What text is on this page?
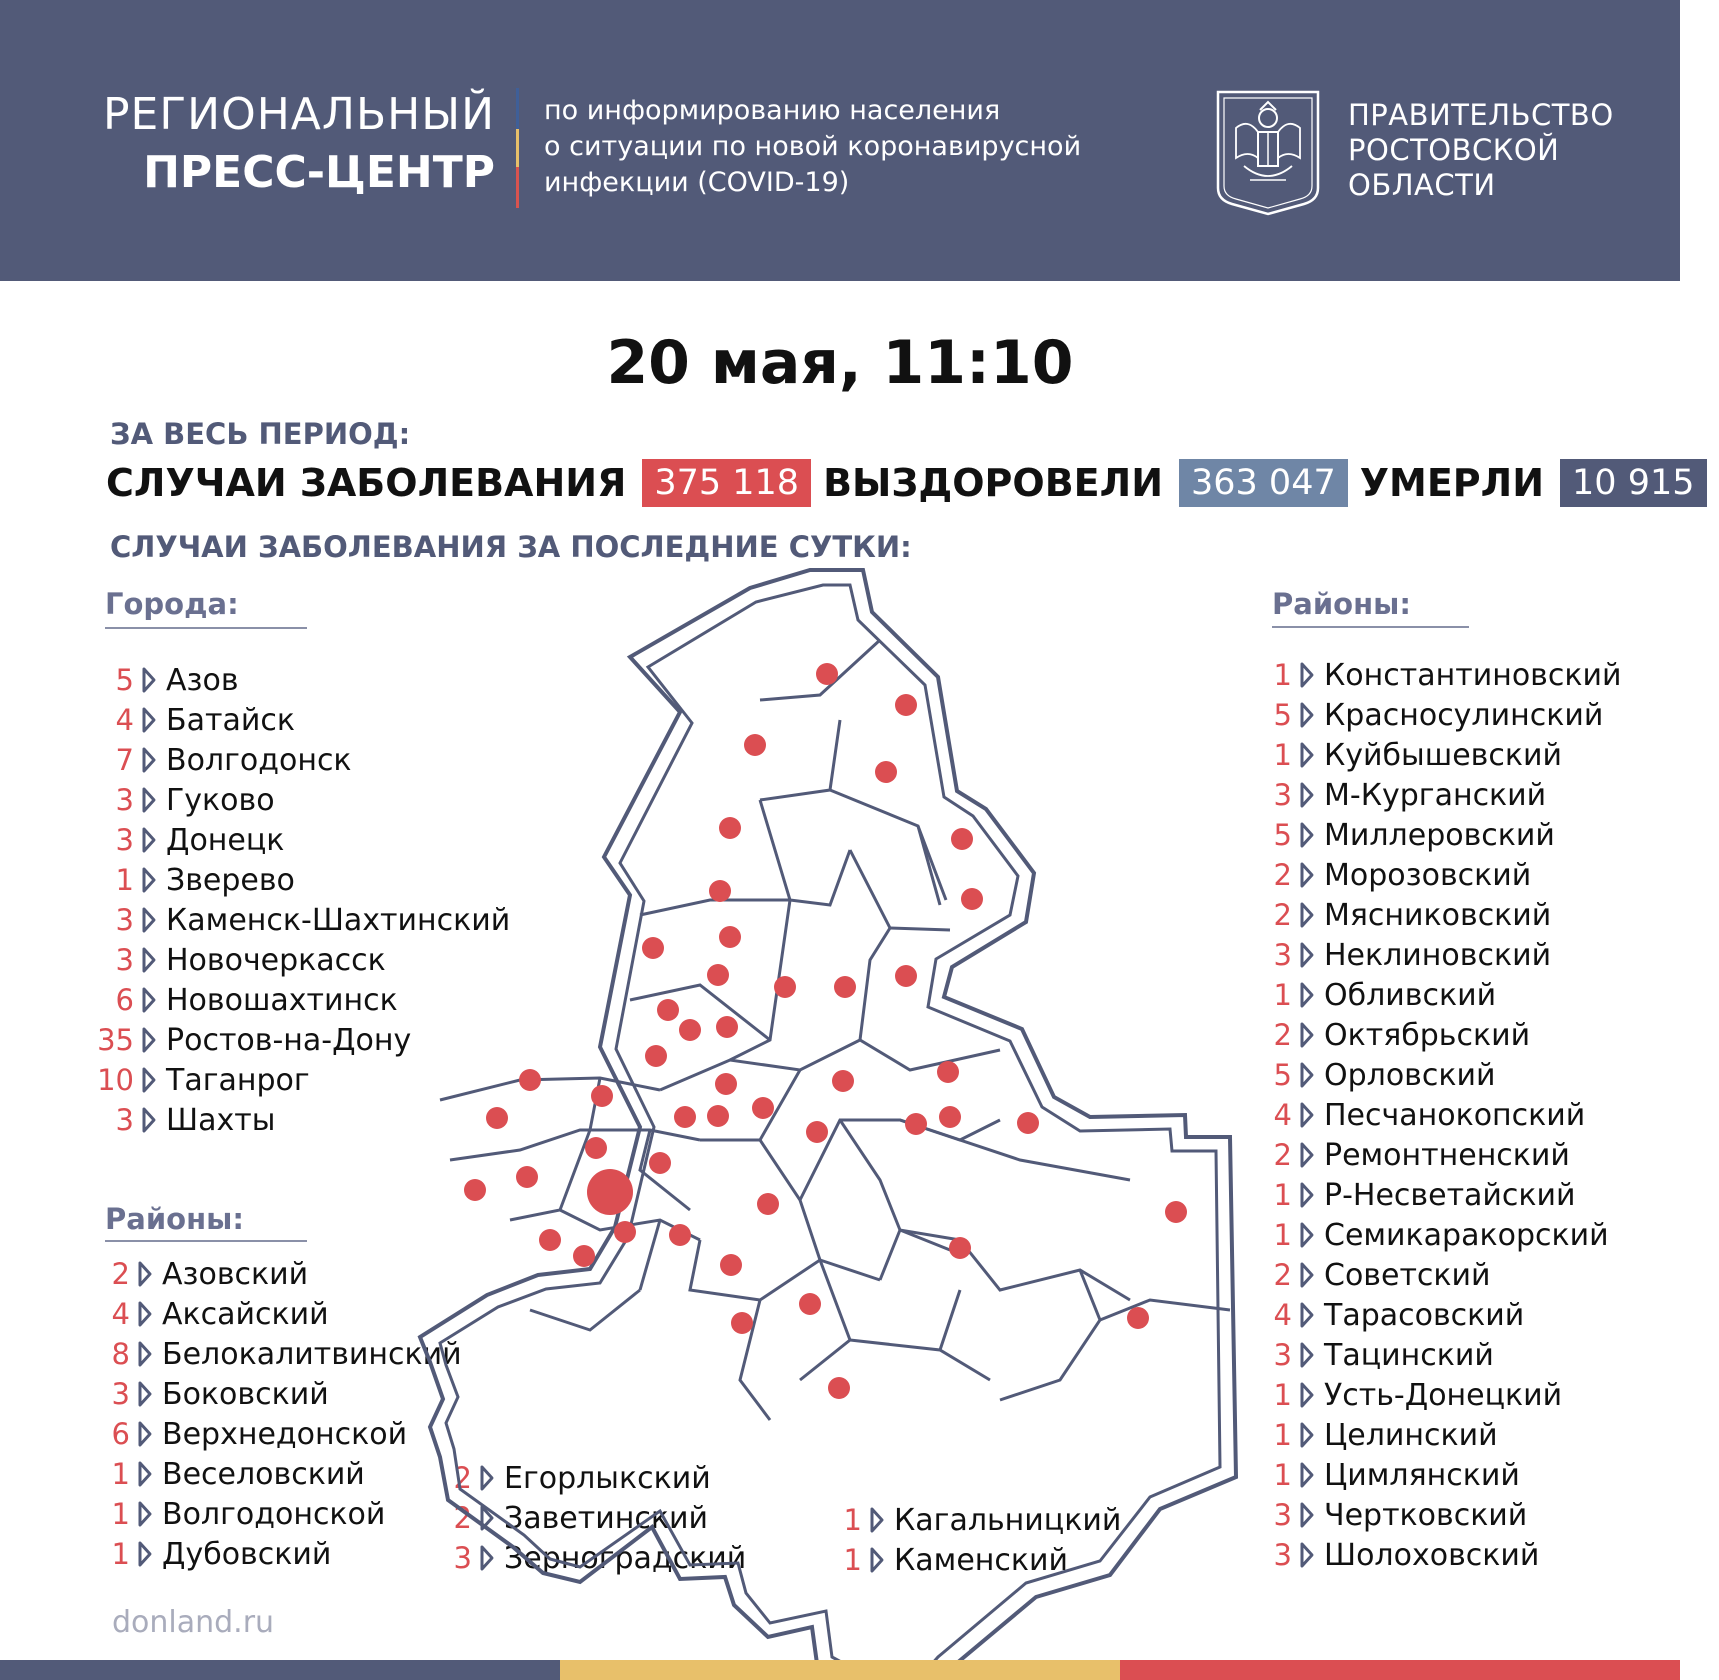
РЕГИОНАЛЬНЫЙ
ПРЕСС-ЦЕНТР
по информированию населения
о ситуации по новой коронавирусной
инфекции (COVID-19)
ПРАВИТЕЛЬСТВО
РОСТОВСКОЙ
ОБЛАСТИ
20 мая, 11:10
ЗА ВЕСЬ ПЕРИОД:
СЛУЧАИ ЗАБОЛЕВАНИЯ 375 118 ВЫЗДОРОВЕЛИ 363 047 УМЕРЛИ 10 915
СЛУЧАИ ЗАБОЛЕВАНИЯ ЗА ПОСЛЕДНИЕ СУТКИ:
Города:
Районы:
Районы:
5 Азов
4 Батайск
7 Волгодонск
3 Гуково
3 Донецк
1 Зверево
3 Каменск-Шахтинский
3 Новочеркасск
6 Новошахтинск
35 Ростов-на-Дону
10 Таганрог
3 Шахты
2 Азовский
4 Аксайский
8 Белокалитвинский
3 Боковский
6 Верхнедонской
1 Веселовский
1 Волгодонской
1 Дубовский
2 Егорлыкский
2 Заветинский
3 Зерноградский
1 Кагальницкий
1 Каменский
1 Константиновский
5 Красносулинский
1 Куйбышевский
3 М-Курганский
5 Миллеровский
2 Морозовский
2 Мясниковский
3 Неклиновский
1 Обливский
2 Октябрьский
5 Орловский
4 Песчанокопский
2 Ремонтненский
1 Р-Несветайский
1 Семикаракорский
2 Советский
4 Тарасовский
3 Тацинский
1 Усть-Донецкий
1 Целинский
1 Цимлянский
3 Чертковский
3 Шолоховский
donland.ru
